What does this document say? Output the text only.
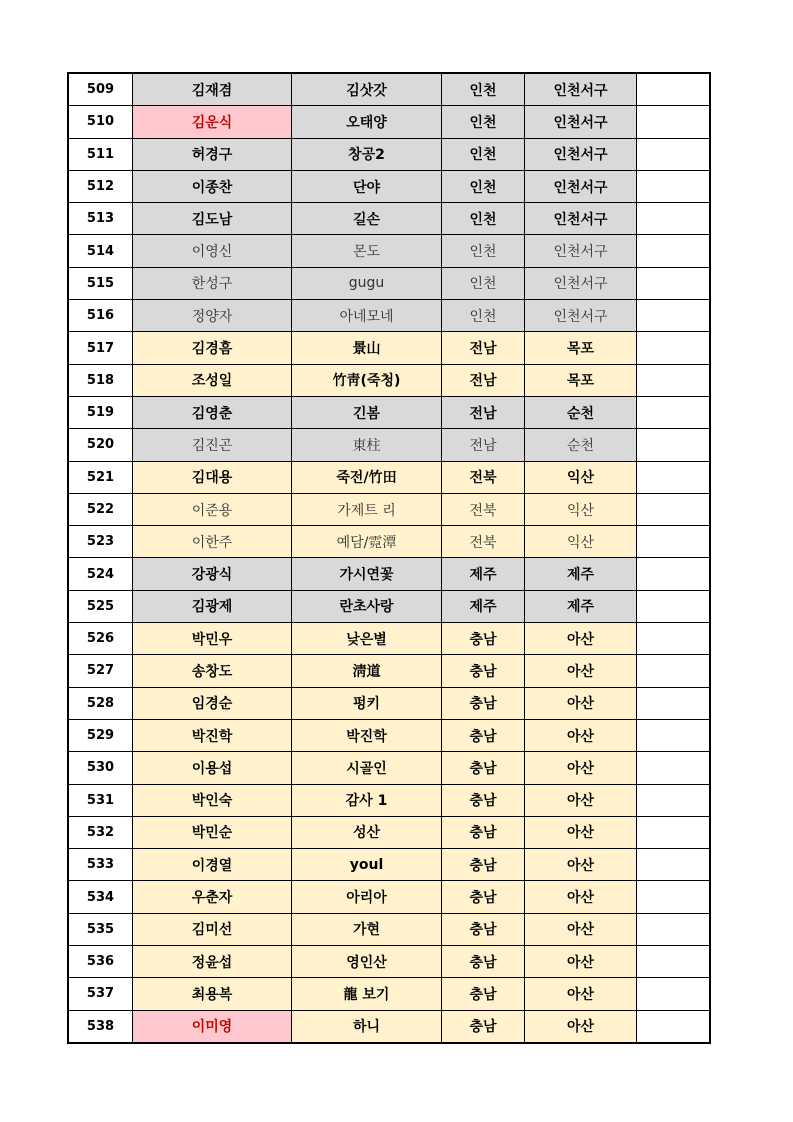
509	김재겸	김삿갓	인천	인천서구	
510	김운식	오태양	인천	인천서구	
511	허경구	창공2	인천	인천서구	
512	이종찬	단야	인천	인천서구	
513	김도남	길손	인천	인천서구	
514	이영신	몬도	인천	인천서구	
515	한성구	gugu	인천	인천서구	
516	정양자	아네모네	인천	인천서구	
517	김경흠	景山	전남	목포	
518	조성일	竹靑(죽청)	전남	목포	
519	김영춘	긴봄	전남	순천	
520	김진곤	東柱	전남	순천	
521	김대용	죽전/竹田	전북	익산	
522	이준용	가제트 리	전북	익산	
523	이한주	예담/霓潭	전북	익산	
524	강광식	가시연꽃	제주	제주	
525	김광제	란초사랑	제주	제주	
526	박민우	낮은별	충남	아산	
527	송창도	淸道	충남	아산	
528	임경순	펑키	충남	아산	
529	박진학	박진학	충남	아산	
530	이용섭	시골인	충남	아산	
531	박인숙	감사 1	충남	아산	
532	박민순	성산	충남	아산	
533	이경열	youl	충남	아산	
534	우춘자	아리아	충남	아산	
535	김미선	가현	충남	아산	
536	정윤섭	영인산	충남	아산	
537	최용복	龍 보기	충남	아산	
538	이미영	하니	충남	아산	
